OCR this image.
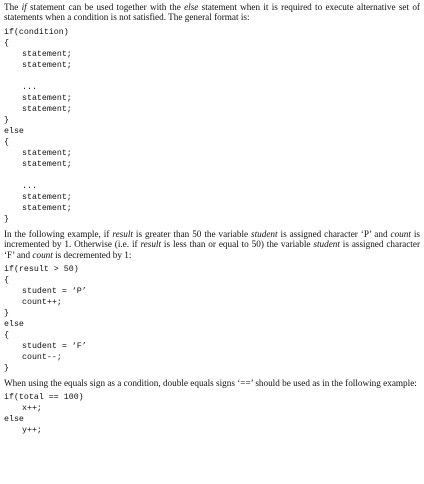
The if statement can be used together with the else statement when it is required to execute alternative set of statements when a condition is not satisfied. The general format is:

if(condition)
{
statement;
statement;
...
statement;
statement;
}
else
{
statement;
statement;
...
statement;
statement;
}

In the following example, if result is greater than 50 the variable student is assigned character ‘P’ and count is incremented by 1. Otherwise (i.e. if result is less than or equal to 50) the variable student is assigned character ‘F’ and count is decremented by 1:

if(result > 50)
{
student = ‘P’
count++;
}
else
{
student = ‘F’
count--;
}

When using the equals sign as a condition, double equals signs ‘==’ should be used as in the following example:

if(total == 100)
x++;
else
y++;
